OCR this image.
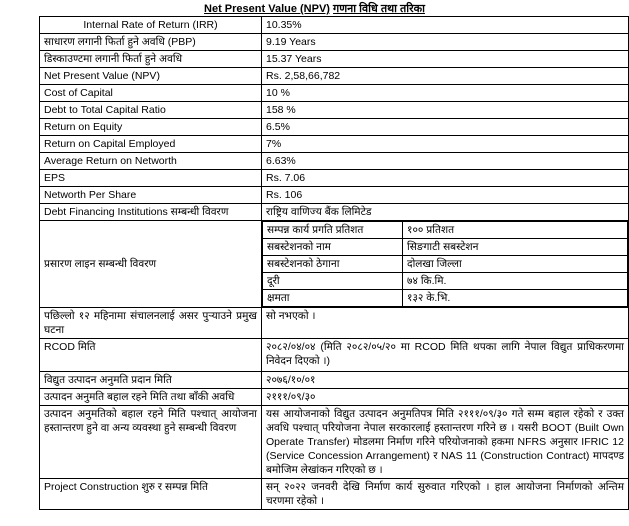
Net Present Value (NPV) गणना विधि तथा तरिका
Internal Rate of Return (IRR)	10.35%
साधारण लगानी फिर्ता हुने अवधि (PBP)	9.19 Years
डिस्काउण्टमा लगानी फिर्ता हुने अवधि	15.37 Years
Net Present Value (NPV)	Rs. 2,58,66,782
Cost of Capital	10 %
Debt to Total Capital Ratio	158 %
Return on Equity	6.5%
Return on Capital Employed	7%
Average Return on Networth	6.63%
EPS	Rs. 7.06
Networth Per Share	Rs. 106
Debt Financing Institutions सम्बन्धी विवरण	राष्ट्रिय वाणिज्य बैंक लिमिटेड
प्रसारण लाइन सम्बन्धी विवरण	
सम्पन्न कार्य प्रगति प्रतिशत	१०० प्रतिशत
सबस्टेशनको नाम	सिङगाटी सबस्टेशन
सबस्टेशनको ठेगाना	दोलखा जिल्ला
दूरी	७४ कि.मि.
क्षमता	१३२ के.भि.

पछिल्लो १२ महिनामा संचालनलाई असर पुऱ्याउने प्रमुख घटना	सो नभएको ।
RCOD मिति	२०८२/०४/०४ (मिति २०८२/०५/२० मा RCOD मिति थपका लागि नेपाल विद्युत प्राधिकरणमा निवेदन दिएको ।)
विद्युत उत्पादन अनुमति प्रदान मिति	२०७६/१०/०१
उत्पादन अनुमति बहाल रहने मिति तथा बाँकी अवधि	२१११/०९/३०
उत्पादन अनुमतिको बहाल रहने मिति पश्चात् आयोजना हस्तान्तरण हुने वा अन्य व्यवस्था हुने सम्बन्धी विवरण	यस आयोजनाको विद्युत उत्पादन अनुमतिपत्र मिति २१११/०९/३० गते सम्म बहाल रहेको र उक्त अवधि पश्चात् परियोजना नेपाल सरकारलाई हस्तान्तरण गरिने छ । यसरी BOOT (Built Own Operate Transfer) मोडलमा निर्माण गरिने परियोजनाको हकमा NFRS अनुसार IFRIC 12 (Service Concession Arrangement) र NAS 11 (Construction Contract) मापदण्ड बमोजिम लेखांकन गरिएको छ ।
Project Construction शुरु र सम्पन्न मिति	सन् २०२२ जनवरी देखि निर्माण कार्य सुरुवात गरिएको । हाल आयोजना निर्माणको अन्तिम चरणमा रहेको ।
